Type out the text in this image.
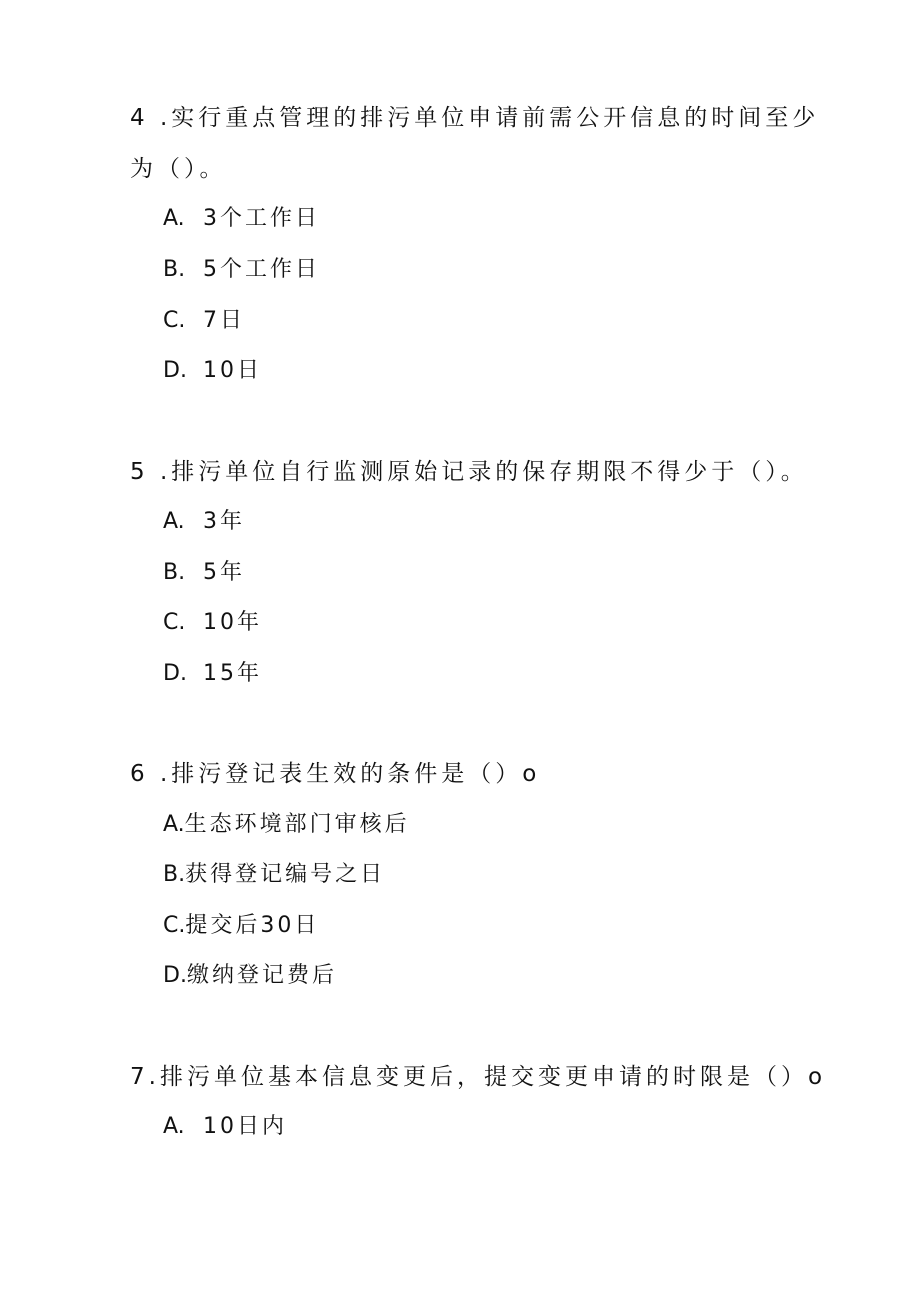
4 .实行重点管理的排污单位申请前需公开信息的时间至少
为（）。
A. 3个工作日
B. 5个工作日
C. 7日
D. 10日
5 .排污单位自行监测原始记录的保存期限不得少于（）。
A. 3年
B. 5年
C. 10年
D. 15年
6 .排污登记表生效的条件是（）o
A.生态环境部门审核后
B.获得登记编号之日
C.提交后30日
D.缴纳登记费后
7.排污单位基本信息变更后，提交变更申请的时限是（）o
A. 10日内
